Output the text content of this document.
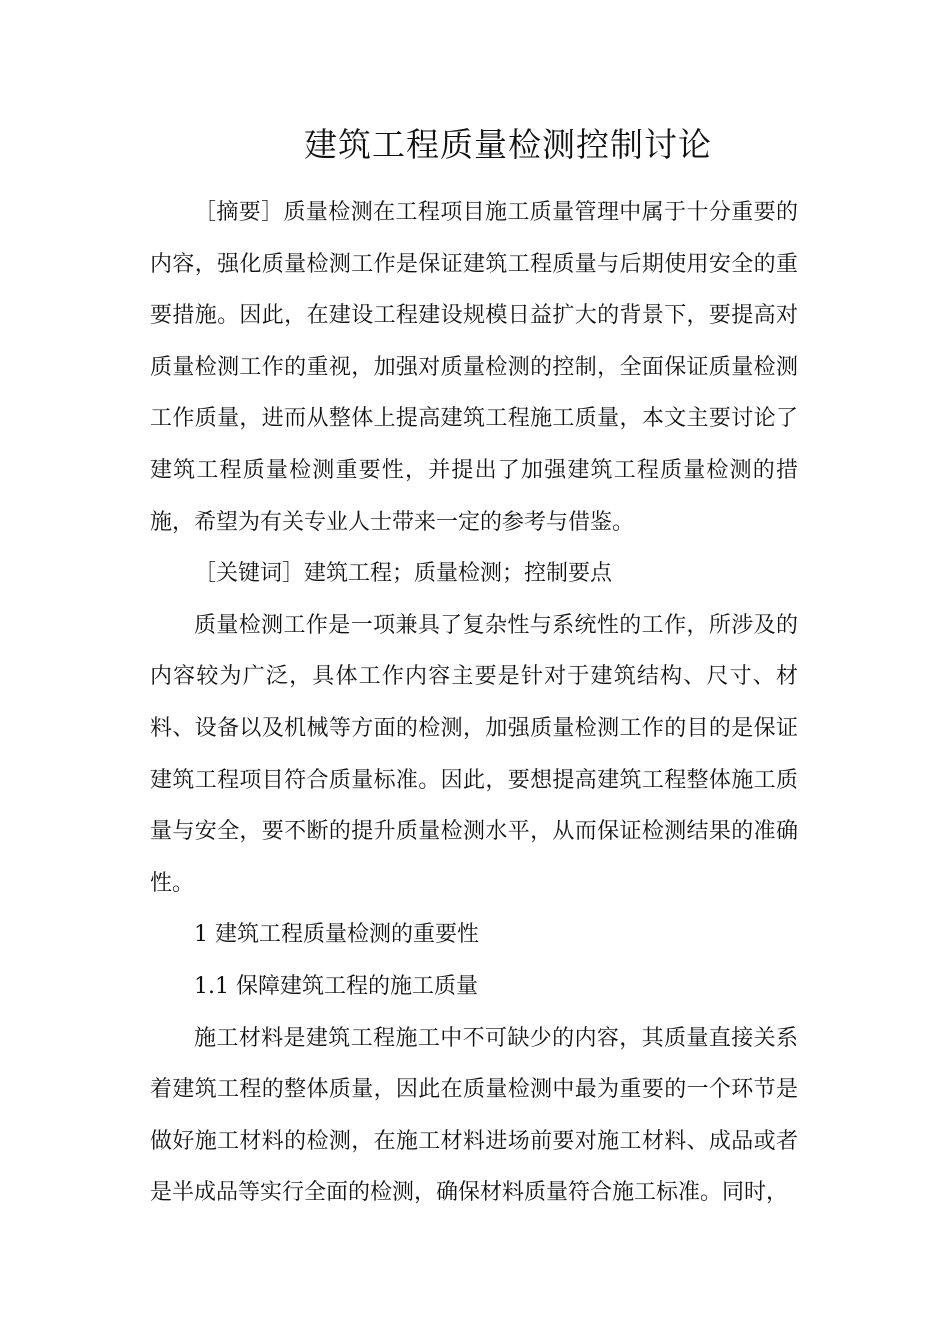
建筑工程质量检测控制讨论

［摘要］质量检测在工程项目施工质量管理中属于十分重要的内容，强化质量检测工作是保证建筑工程质量与后期使用安全的重要措施。因此，在建设工程建设规模日益扩大的背景下，要提高对质量检测工作的重视，加强对质量检测的控制，全面保证质量检测工作质量，进而从整体上提高建筑工程施工质量，本文主要讨论了建筑工程质量检测重要性，并提出了加强建筑工程质量检测的措施，希望为有关专业人士带来一定的参考与借鉴。

［关键词］建筑工程；质量检测；控制要点

质量检测工作是一项兼具了复杂性与系统性的工作，所涉及的内容较为广泛，具体工作内容主要是针对于建筑结构、尺寸、材料、设备以及机械等方面的检测，加强质量检测工作的目的是保证建筑工程项目符合质量标准。因此，要想提高建筑工程整体施工质量与安全，要不断的提升质量检测水平，从而保证检测结果的准确性。

1 建筑工程质量检测的重要性

1.1 保障建筑工程的施工质量

施工材料是建筑工程施工中不可缺少的内容，其质量直接关系着建筑工程的整体质量，因此在质量检测中最为重要的一个环节是做好施工材料的检测，在施工材料进场前要对施工材料、成品或者是半成品等实行全面的检测，确保材料质量符合施工标准。同时，
